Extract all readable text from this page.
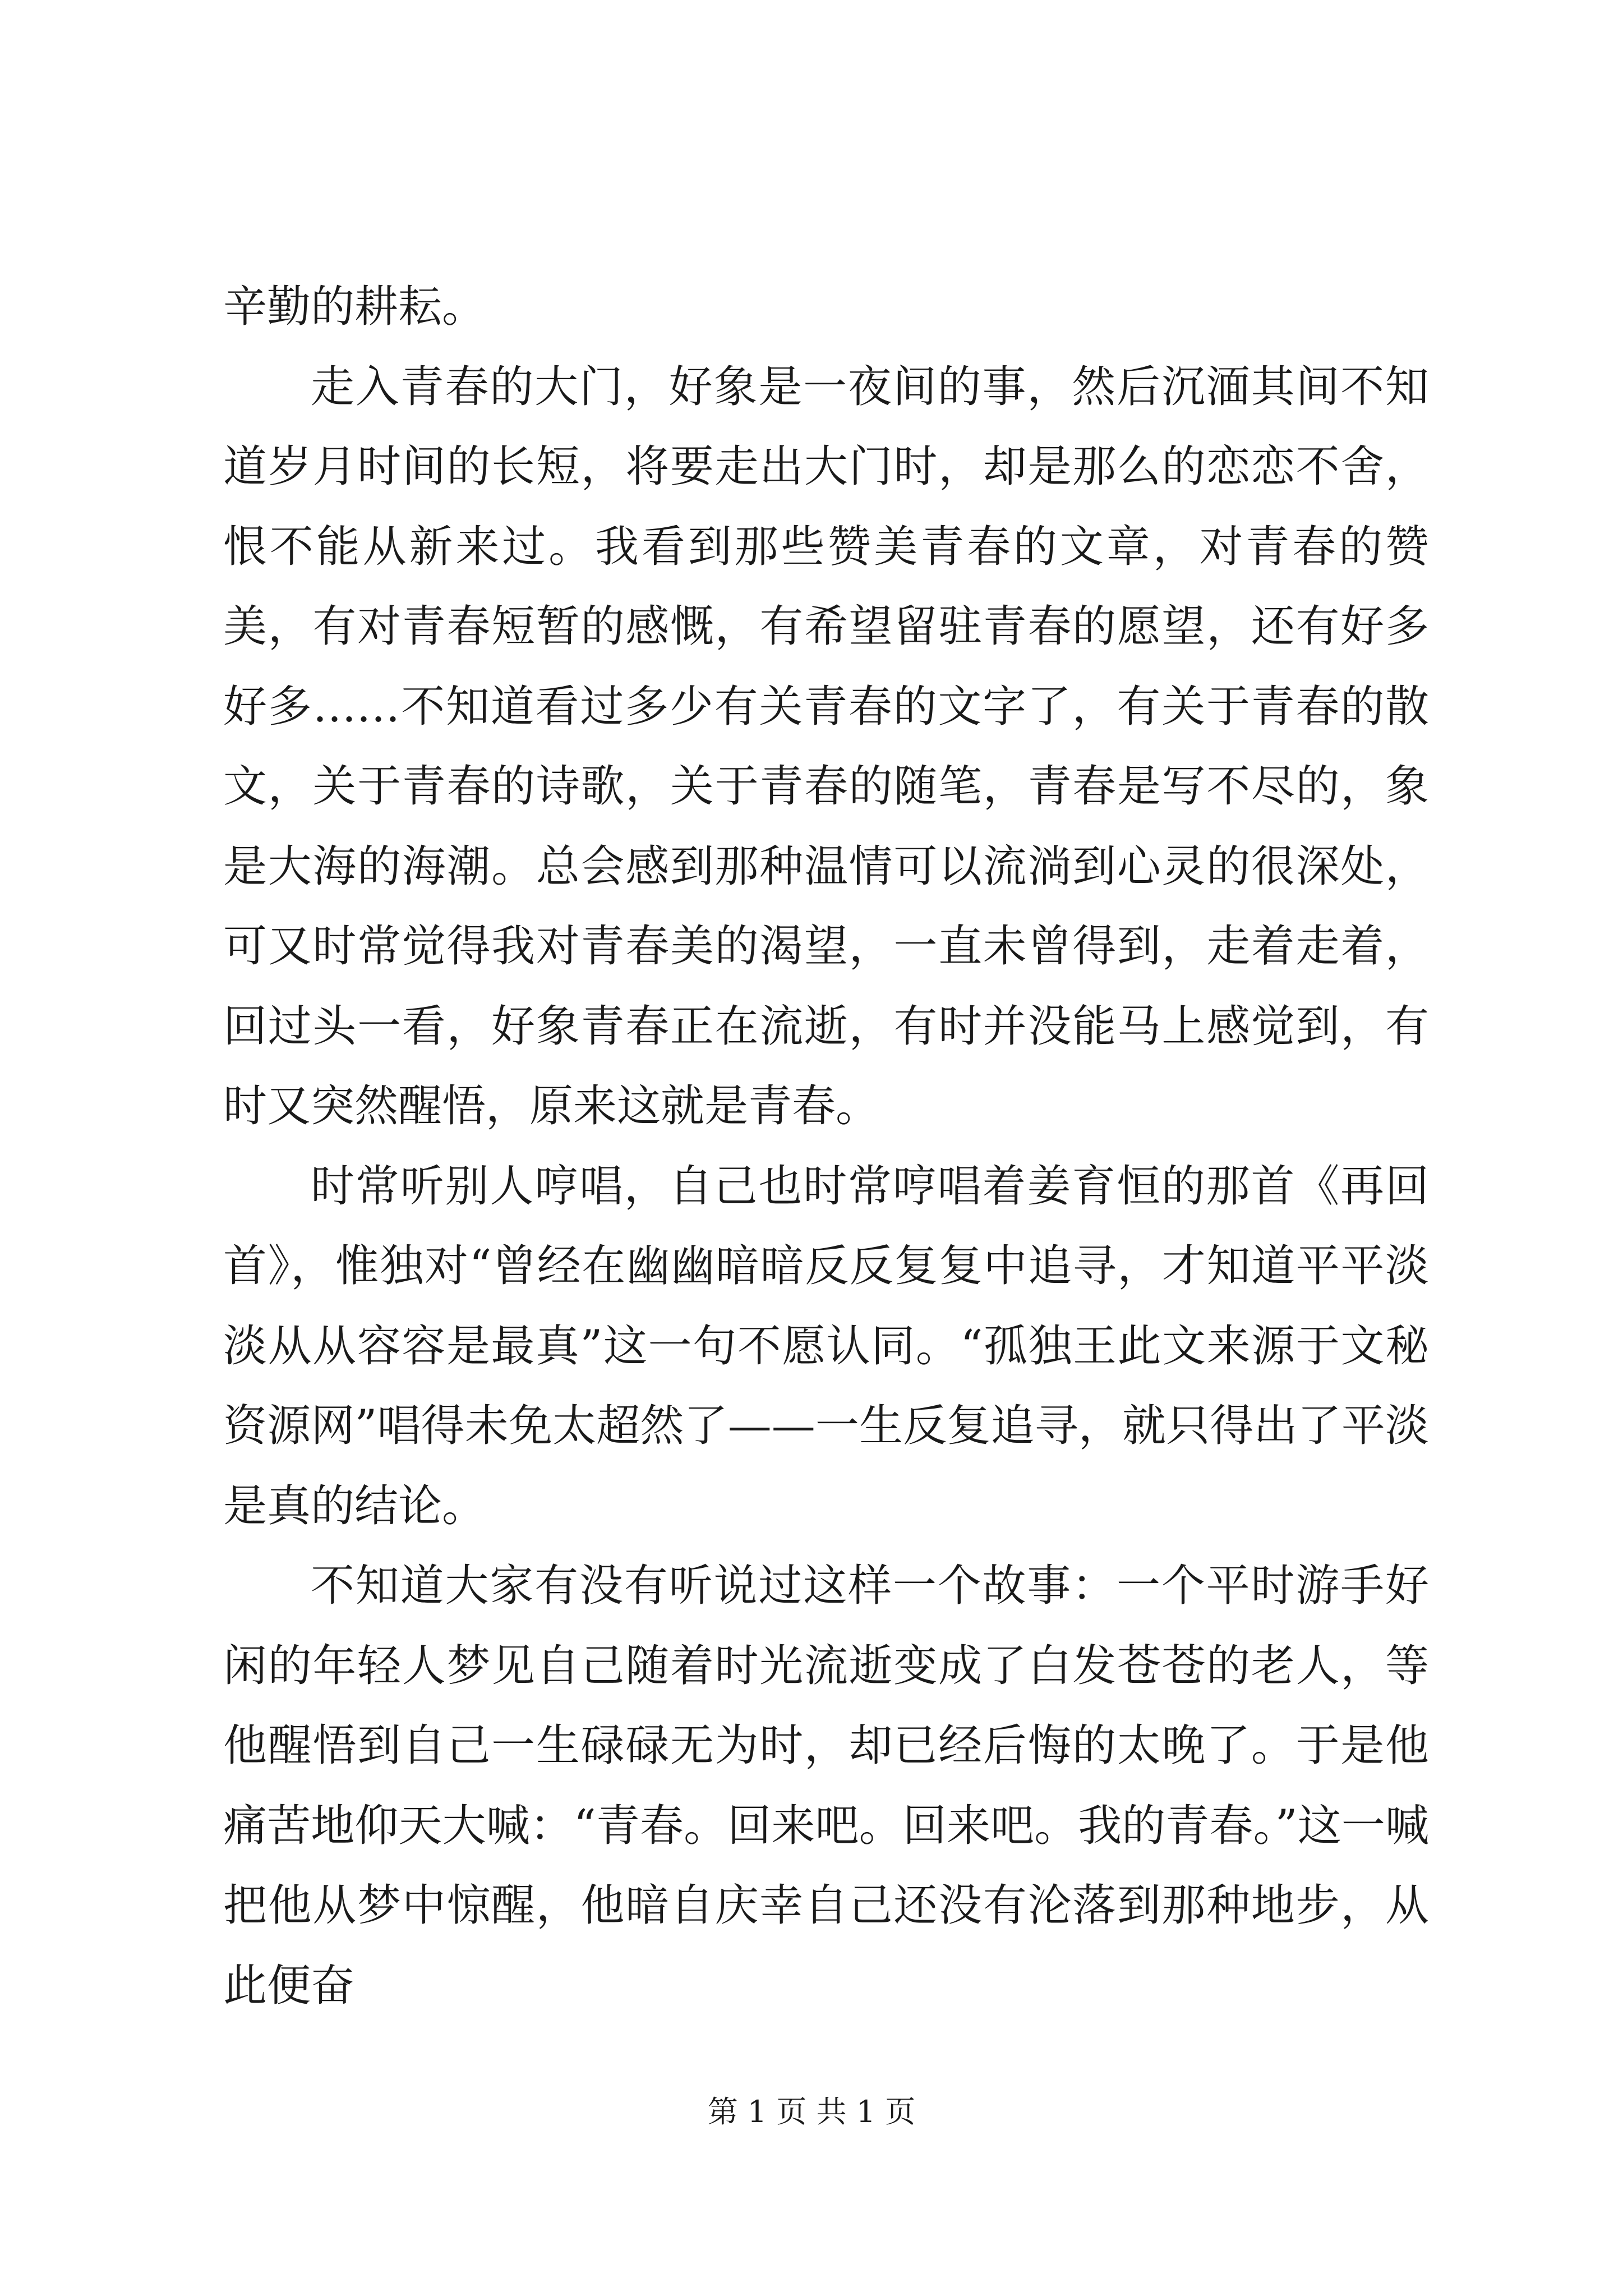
辛勤的耕耘。

走入青春的大门，好象是一夜间的事，然后沉湎其间不知道岁月时间的长短，将要走出大门时，却是那么的恋恋不舍，恨不能从新来过。我看到那些赞美青春的文章，对青春的赞美，有对青春短暂的感慨，有希望留驻青春的愿望，还有好多好多……不知道看过多少有关青春的文字了，有关于青春的散文，关于青春的诗歌，关于青春的随笔，青春是写不尽的，象是大海的海潮。总会感到那种温情可以流淌到心灵的很深处，可又时常觉得我对青春美的渴望，一直未曾得到，走着走着，回过头一看，好象青春正在流逝，有时并没能马上感觉到，有时又突然醒悟，原来这就是青春。

时常听别人哼唱，自己也时常哼唱着姜育恒的那首《再回首》，惟独对“曾经在幽幽暗暗反反复复中追寻，才知道平平淡淡从从容容是最真”这一句不愿认同。“孤独王此文来源于文秘资源网”唱得未免太超然了——一生反复追寻，就只得出了平淡是真的结论。

不知道大家有没有听说过这样一个故事：一个平时游手好闲的年轻人梦见自己随着时光流逝变成了白发苍苍的老人，等他醒悟到自己一生碌碌无为时，却已经后悔的太晚了。于是他痛苦地仰天大喊：“青春。回来吧。回来吧。我的青春。”这一喊把他从梦中惊醒，他暗自庆幸自己还没有沦落到那种地步，从此便奋

第 1 页 共 1 页
